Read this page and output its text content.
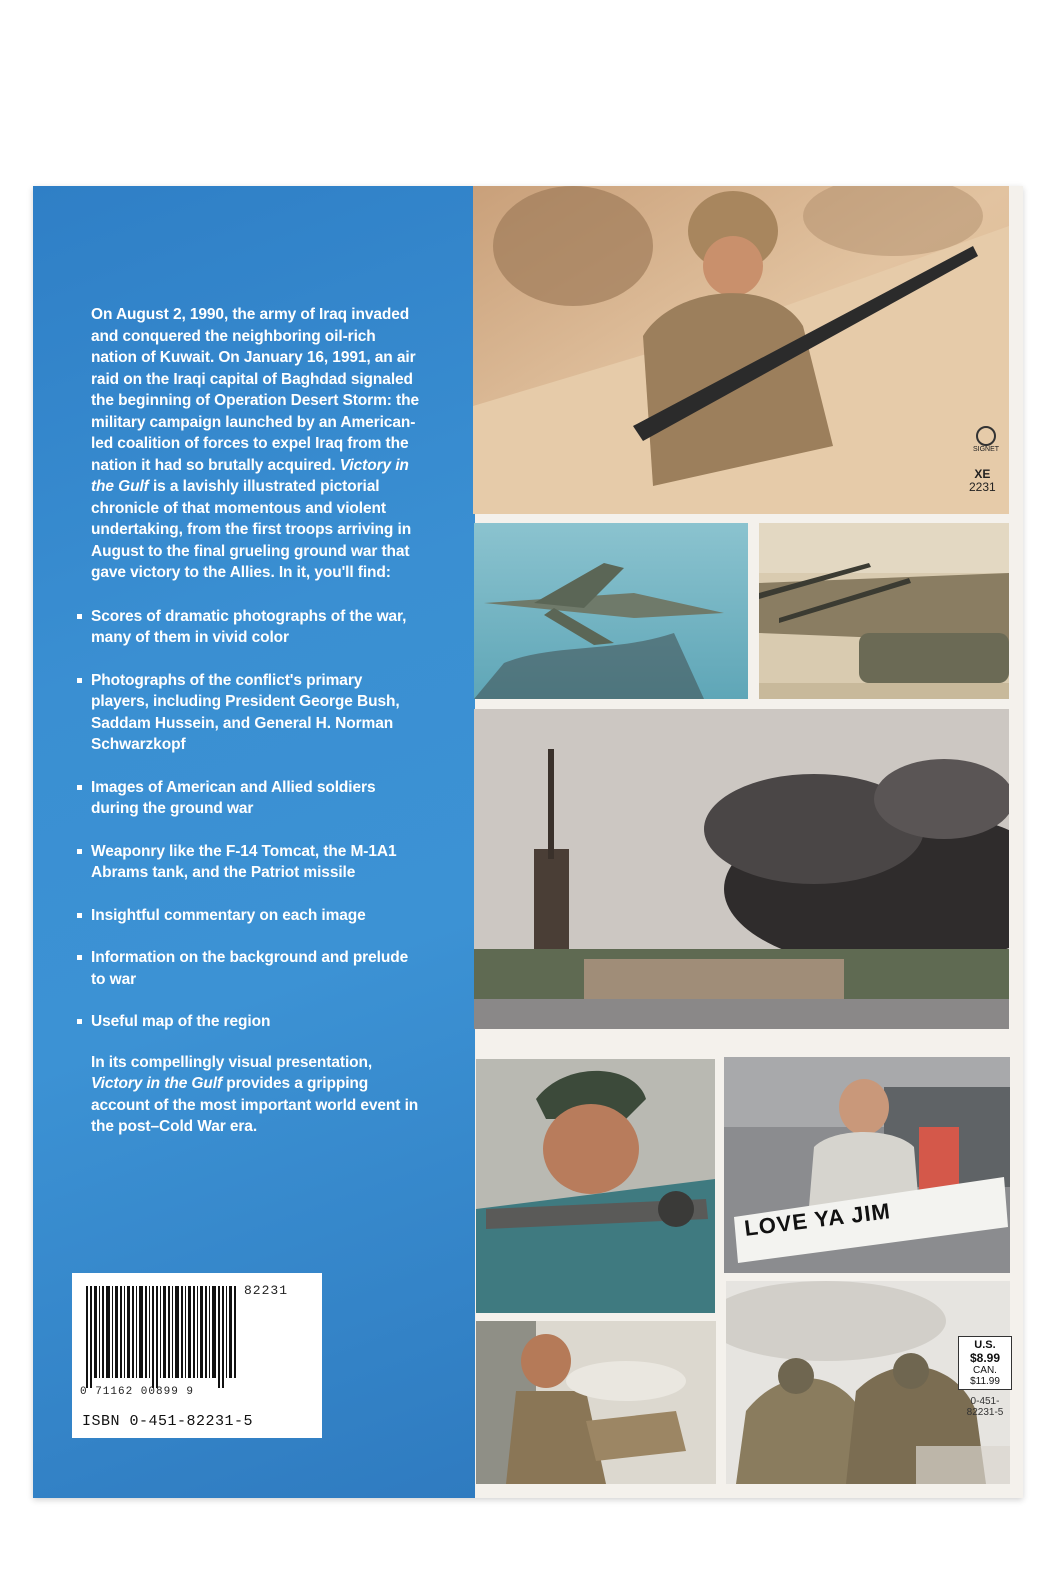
On August 2, 1990, the army of Iraq invaded and conquered the neighboring oil-rich nation of Kuwait. On January 16, 1991, an air raid on the Iraqi capital of Baghdad signaled the beginning of Operation Desert Storm: the military campaign launched by an American-led coalition of forces to expel Iraq from the nation it had so brutally acquired. Victory in the Gulf is a lavishly illustrated pictorial chronicle of that momentous and violent undertaking, from the first troops arriving in August to the final grueling ground war that gave victory to the Allies. In it, you'll find:

Scores of dramatic photographs of the war, many of them in vivid color
Photographs of the conflict's primary players, including President George Bush, Saddam Hussein, and General H. Norman Schwarzkopf
Images of American and Allied soldiers during the ground war
Weaponry like the F-14 Tomcat, the M-1A1 Abrams tank, and the Patriot missile
Insightful commentary on each image
Information on the background and prelude to war
Useful map of the region

In its compellingly visual presentation, Victory in the Gulf provides a gripping account of the most important world event in the post–Cold War era.

82231
0 71162 00899 9
ISBN 0-451-82231-5
SIGNET
XE
2231
LOVE YA JIM
U.S.
$8.99
CAN.
$11.99
0-451-
82231-5
